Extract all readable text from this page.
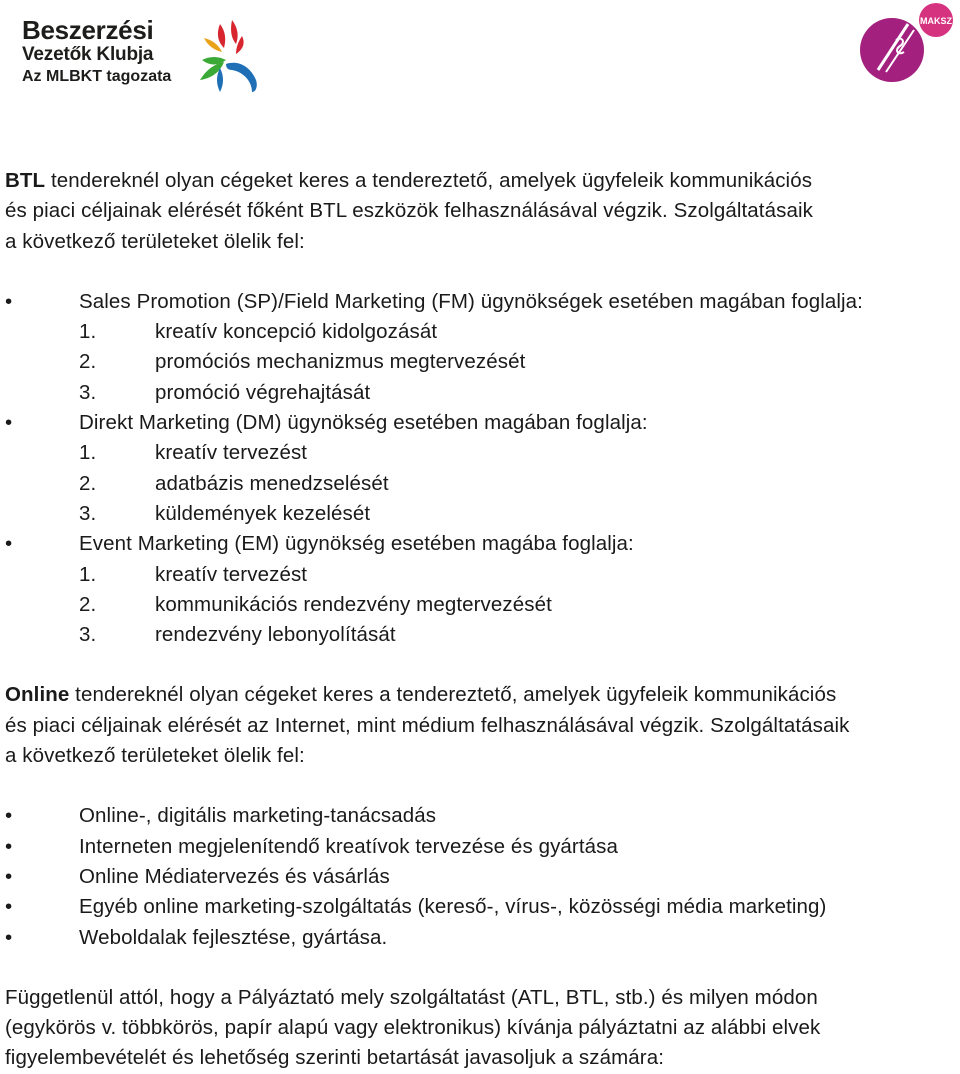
Beszerzési
Vezetők Klubja
Az MLBKT tagozata
MAKSZ

BTL tendereknél olyan cégeket keres a tendereztető, amelyek ügyfeleik kommunikációs

és piaci céljainak elérését főként BTL eszközök felhasználásával végzik. Szolgáltatásaik

a következő területeket ölelik fel:

•	Sales Promotion (SP)/Field Marketing (FM) ügynökségek esetében magában foglalja:
1.	kreatív koncepció kidolgozását
2.	promóciós mechanizmus megtervezését
3.	promóció végrehajtását
•	Direkt Marketing (DM) ügynökség esetében magában foglalja:
1.	kreatív tervezést
2.	adatbázis menedzselését
3.	küldemények kezelését
•	Event Marketing (EM) ügynökség esetében magába foglalja:
1.	kreatív tervezést
2.	kommunikációs rendezvény megtervezését
3.	rendezvény lebonyolítását

Online tendereknél olyan cégeket keres a tendereztető, amelyek ügyfeleik kommunikációs

és piaci céljainak elérését az Internet, mint médium felhasználásával végzik. Szolgáltatásaik

a következő területeket ölelik fel:

•	Online-, digitális marketing-tanácsadás
•	Interneten megjelenítendő kreatívok tervezése és gyártása
•	Online Médiatervezés és vásárlás
•	Egyéb online marketing-szolgáltatás (kereső-, vírus-, közösségi média marketing)
•	Weboldalak fejlesztése, gyártása.

Függetlenül attól, hogy a Pályáztató mely szolgáltatást (ATL, BTL, stb.) és milyen módon

(egykörös v. többkörös, papír alapú vagy elektronikus) kívánja pályáztatni az alábbi elvek

figyelembevételét és lehetőség szerinti betartását javasoljuk a számára:
